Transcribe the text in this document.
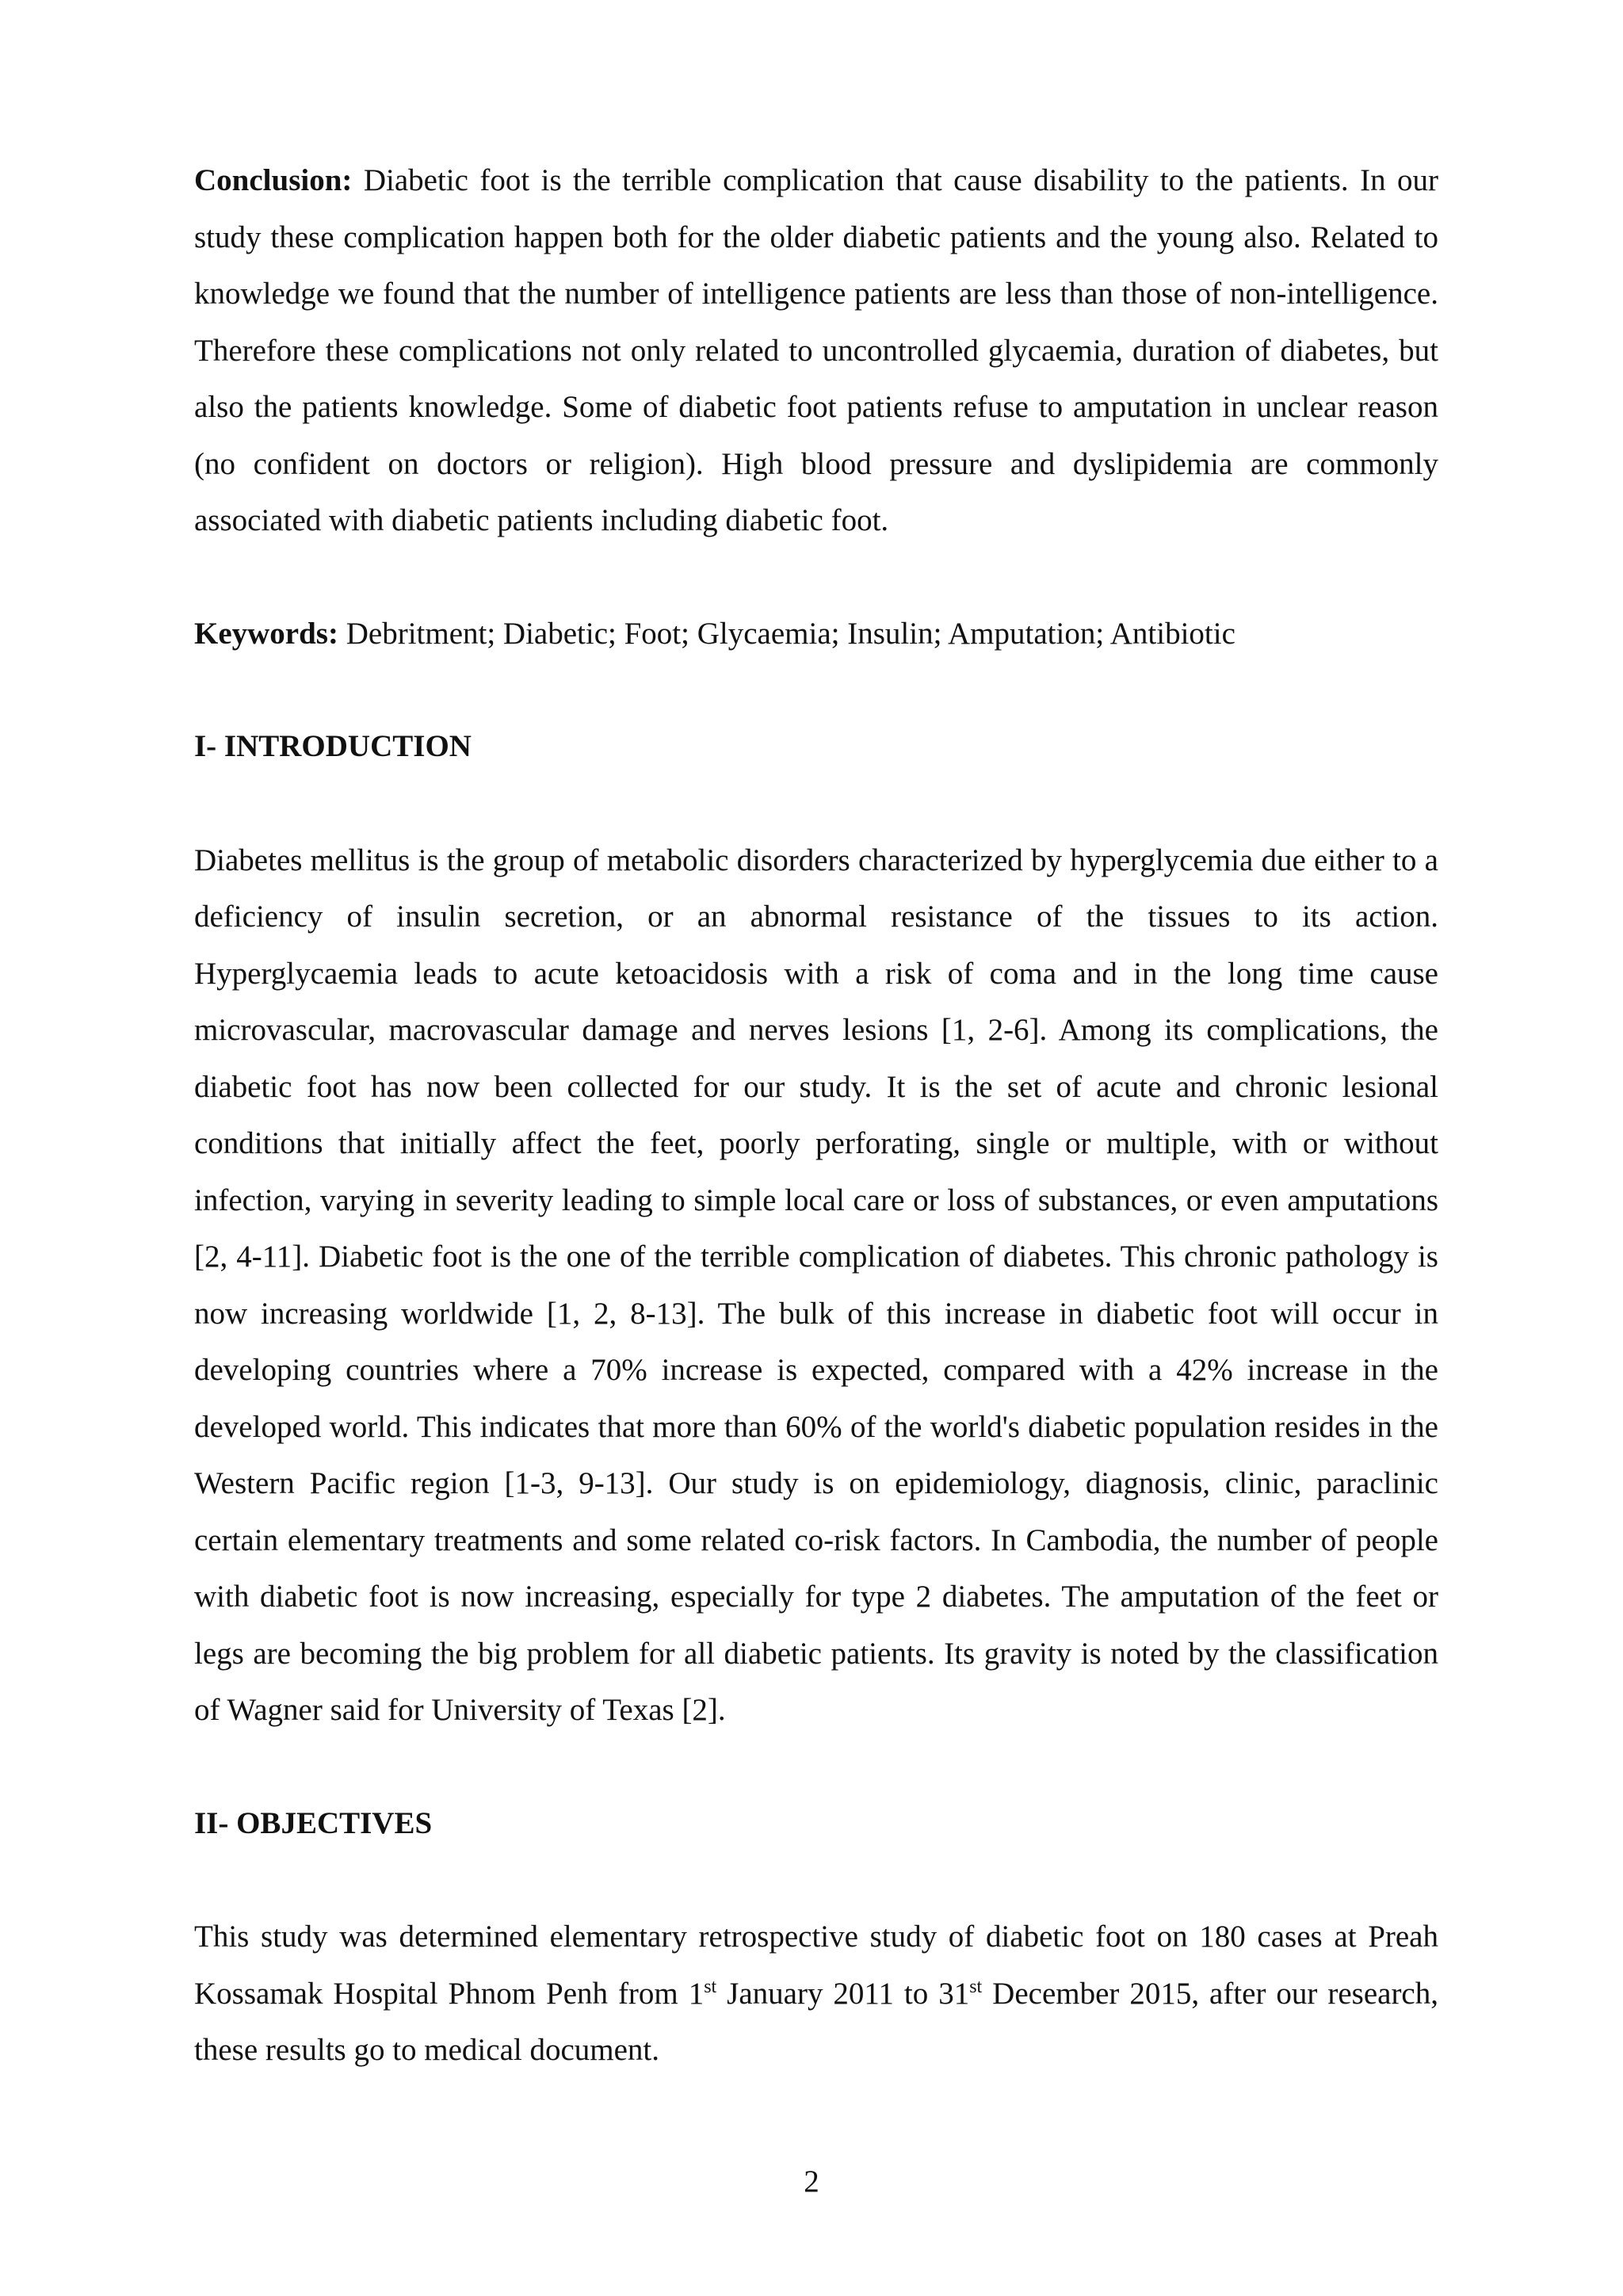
Conclusion: Diabetic foot is the terrible complication that cause disability to the patients. In our study these complication happen both for the older diabetic patients and the young also. Related to knowledge we found that the number of intelligence patients are less than those of non-intelligence. Therefore these complications not only related to uncontrolled glycaemia, duration of diabetes, but also the patients knowledge. Some of diabetic foot patients refuse to amputation in unclear reason (no confident on doctors or religion). High blood pressure and dyslipidemia are commonly associated with diabetic patients including diabetic foot.

Keywords: Debritment; Diabetic; Foot; Glycaemia; Insulin; Amputation; Antibiotic

I- INTRODUCTION

Diabetes mellitus is the group of metabolic disorders characterized by hyperglycemia due either to a deficiency of insulin secretion, or an abnormal resistance of the tissues to its action. Hyperglycaemia leads to acute ketoacidosis with a risk of coma and in the long time cause microvascular, macrovascular damage and nerves lesions [1, 2-6]. Among its complications, the diabetic foot has now been collected for our study. It is the set of acute and chronic lesional conditions that initially affect the feet, poorly perforating, single or multiple, with or without infection, varying in severity leading to simple local care or loss of substances, or even amputations [2, 4-11]. Diabetic foot is the one of the terrible complication of diabetes. This chronic pathology is now increasing worldwide [1, 2, 8-13]. The bulk of this increase in diabetic foot will occur in developing countries where a 70% increase is expected, compared with a 42% increase in the developed world. This indicates that more than 60% of the world's diabetic population resides in the Western Pacific region [1-3, 9-13]. Our study is on epidemiology, diagnosis, clinic, paraclinic certain elementary treatments and some related co-risk factors. In Cambodia, the number of people with diabetic foot is now increasing, especially for type 2 diabetes. The amputation of the feet or legs are becoming the big problem for all diabetic patients. Its gravity is noted by the classification of Wagner said for University of Texas [2].

II- OBJECTIVES

This study was determined elementary retrospective study of diabetic foot on 180 cases at Preah Kossamak Hospital Phnom Penh from 1st January 2011 to 31st December 2015, after our research, these results go to medical document.

2
